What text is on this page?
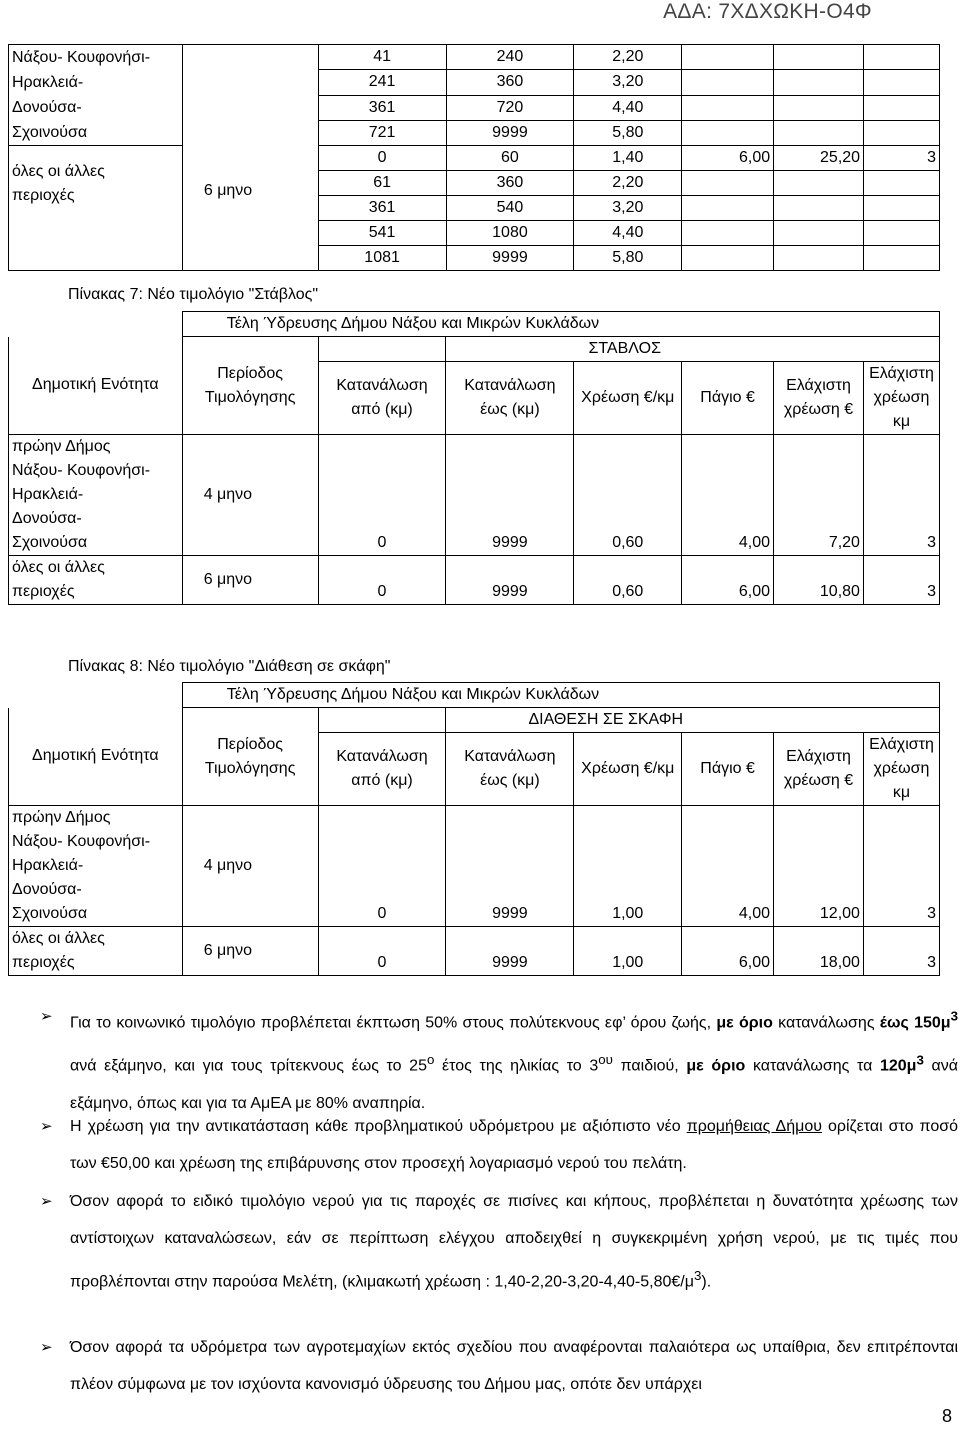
ΑΔΑ: 7ΧΔΧΩΚΗ-Ο4Φ
Νάξου- Κουφονήσι-
Ηρακλειά-
Δονούσα-
Σχοινούσα	6 μηνο	41	240	2,20			
		241	360	3,20			
		361	720	4,40			
		721	9999	5,80			

όλες οι άλλες
περιοχές		0	60	1,40	6,00	25,20	3
		61	360	2,20			
		361	540	3,20			
		541	1080	4,40			
		1081	9999	5,80			
Πίνακας 7: Νέο τιμολόγιο "Στάβλος"
	Τέλη Ύδρευσης Δήμου Νάξου και Μικρών Κυκλάδων						
Δημοτική Ενότητα	Περίοδος Τιμολόγησης		ΣΤΑΒΛΟΣ				
		Κατανάλωση από (κμ)	Κατανάλωση έως (κμ)	Χρέωση €/κμ	Πάγιο €	Ελάχιστη χρέωση €	Ελάχιστη χρέωση κμ

πρώην Δήμος
Νάξου- Κουφονήσι-
Ηρακλειά-
Δονούσα-
Σχοινούσα	4 μηνο	0	9999	0,60	4,00	7,20	3

όλες οι άλλες
περιοχές	6 μηνο	0	9999	0,60	6,00	10,80	3
Πίνακας 8: Νέο τιμολόγιο "Διάθεση σε σκάφη"
	Τέλη Ύδρευσης Δήμου Νάξου και Μικρών Κυκλάδων						
Δημοτική Ενότητα	Περίοδος Τιμολόγησης		ΔΙΑΘΕΣΗ ΣΕ ΣΚΑΦΗ				
		Κατανάλωση από (κμ)	Κατανάλωση έως (κμ)	Χρέωση €/κμ	Πάγιο €	Ελάχιστη χρέωση €	Ελάχιστη χρέωση κμ

πρώην Δήμος
Νάξου- Κουφονήσι-
Ηρακλειά-
Δονούσα-
Σχοινούσα	4 μηνο	0	9999	1,00	4,00	12,00	3

όλες οι άλλες
περιοχές	6 μηνο	0	9999	1,00	6,00	18,00	3
➢	Για το κοινωνικό τιμολόγιο προβλέπεται έκπτωση 50% στους πολύτεκνους εφ’ όρου ζωής, με όριο κατανάλωσης έως $150\mu^3$ ανά εξάμηνο, και για τους τρίτεκνους έως το $25^o$ έτος της ηλικίας το $3^{o\upsilon}$ παιδιού, με όριο κατανάλωσης τα $120\mu^3$ ανά εξάμηνο, όπως και για τα ΑμΕΑ με 80% αναπηρία.
➢	Η χρέωση για την αντικατάσταση κάθε προβληματικού υδρόμετρου με αξιόπιστο νέο προμήθειας Δήμου ορίζεται στο ποσό των €50,00 και χρέωση της επιβάρυνσης στον προσεχή λογαριασμό νερού του πελάτη.
➢	Όσον αφορά το ειδικό τιμολόγιο νερού για τις παροχές σε πισίνες και κήπους, προβλέπεται η δυνατότητα χρέωσης των αντίστοιχων καταναλώσεων, εάν σε περίπτωση ελέγχου αποδειχθεί η συγκεκριμένη χρήση νερού, με τις τιμές που προβλέπονται στην παρούσα Μελέτη, (κλιμακωτή χρέωση : $1,40-2,20-3,20-4,40-5,80€/\mu^3$).
➢	Όσον αφορά τα υδρόμετρα των αγροτεμαχίων εκτός σχεδίου που αναφέρονται παλαιότερα ως υπαίθρια, δεν επιτρέπονται πλέον σύμφωνα με τον ισχύοντα κανονισμό ύδρευσης του Δήμου μας, οπότε δεν υπάρχει
8
